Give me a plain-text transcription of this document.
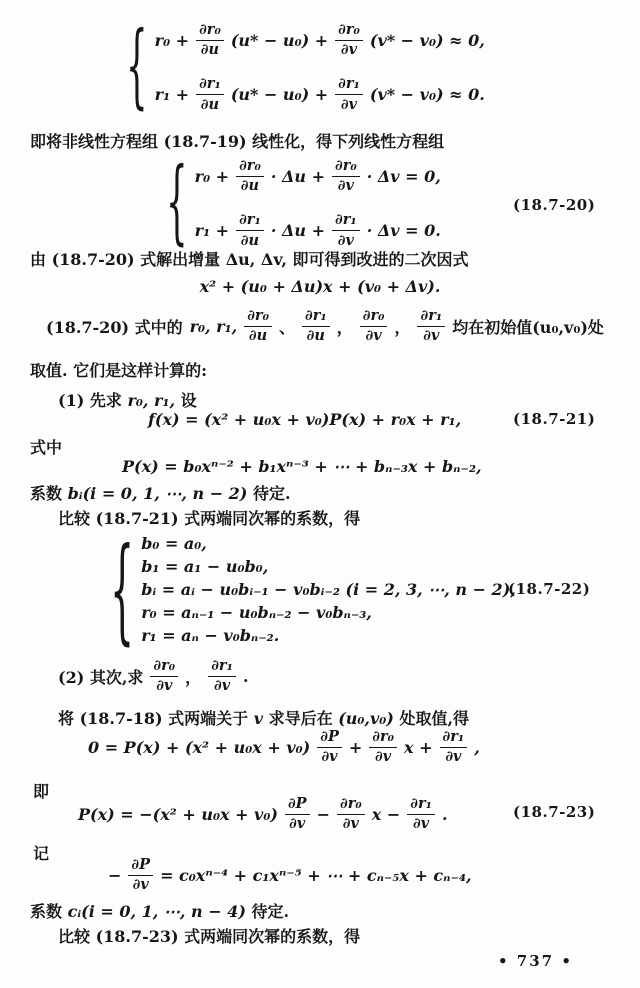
{ $r_0 + \frac{\text{∂r₀}}{\partial u} (u* - u_0) + \frac{\text{∂r₀}}{\partial v} (v* - v_0) \approx 0$,
$r_1 + \frac{\text{∂r₁}}{\partial u} (u* - u_0) + \frac{\text{∂r₁}}{\partial v} (v* - v_0) \approx 0$.
即将非线性方程组 (18.7-19) 线性化，得下列线性方程组
{ $r_0 + \frac{\text{∂r₀}}{\partial u} \cdot \Delta u + \frac{\text{∂r₀}}{\partial v} \cdot \Delta v = 0$,
$r_1 + \frac{\text{∂r₁}}{\partial u} \cdot \Delta u + \frac{\text{∂r₁}}{\partial v} \cdot \Delta v = 0$.
(18.7-20)
由 (18.7-20) 式解出增量 Δu, Δv, 即可得到改进的二次因式
x² + (u₀ + Δu)x + (v₀ + Δv).
(18.7-20) 式中的 r₀, r₁, $\frac{\text{∂r₀}}{\partial u}$ 、 $\frac{\text{∂r₁}}{\partial u}$ ， $\frac{\text{∂r₀}}{\partial v}$ ， $\frac{\text{∂r₁}}{\partial v}$ 均在初始值(u₀,v₀)处
取值. 它们是这样计算的:
(1) 先求 r₀, r₁, 设
f(x) = (x² + u₀x + v₀)P(x) + r₀x + r₁,	(18.7-21)
式中
P(x) = b₀xⁿ⁻² + b₁xⁿ⁻³ + ⋯ + bₙ₋₃x + bₙ₋₂,
系数 bᵢ(i = 0, 1, ⋯, n − 2) 待定.
比较 (18.7-21) 式两端同次幂的系数，得
{ b₀ = a₀,
b₁ = a₁ − u₀b₀,
bᵢ = aᵢ − u₀bᵢ₋₁ − v₀bᵢ₋₂ (i = 2, 3, ⋯, n − 2),
r₀ = aₙ₋₁ − u₀bₙ₋₂ − v₀bₙ₋₃,
r₁ = aₙ − v₀bₙ₋₂.
(18.7-22)
(2) 其次,求 $\frac{\text{∂r₀}}{\partial v}$ ， $\frac{\text{∂r₁}}{\partial v}$ .
将 (18.7-18) 式两端关于 v 求导后在 (u₀,v₀) 处取值,得
$0 = P(x) + (x^2 + u_0x + v_0) \frac{\partial P}{\partial v} + \frac{\text{∂r₀}}{\partial v}$ $x + \frac{\text{∂r₁}}{\partial v}$ ,
即
$P(x) = -(x^2 + u_0x + v_0) \frac{\partial P}{\partial v} - \frac{\text{∂r₀}}{\partial v}$ $x - \frac{\text{∂r₁}}{\partial v}$ .	(18.7-23)
记
− $\frac{\partial P}{\partial v} = c_0x^{n-4} + c_1x^{n-5}$ + ⋯ + cₙ₋₅x + cₙ₋₄,
系数 cᵢ(i = 0, 1, ⋯, n − 4) 待定.
比较 (18.7-23) 式两端同次幂的系数，得
• 737 •
